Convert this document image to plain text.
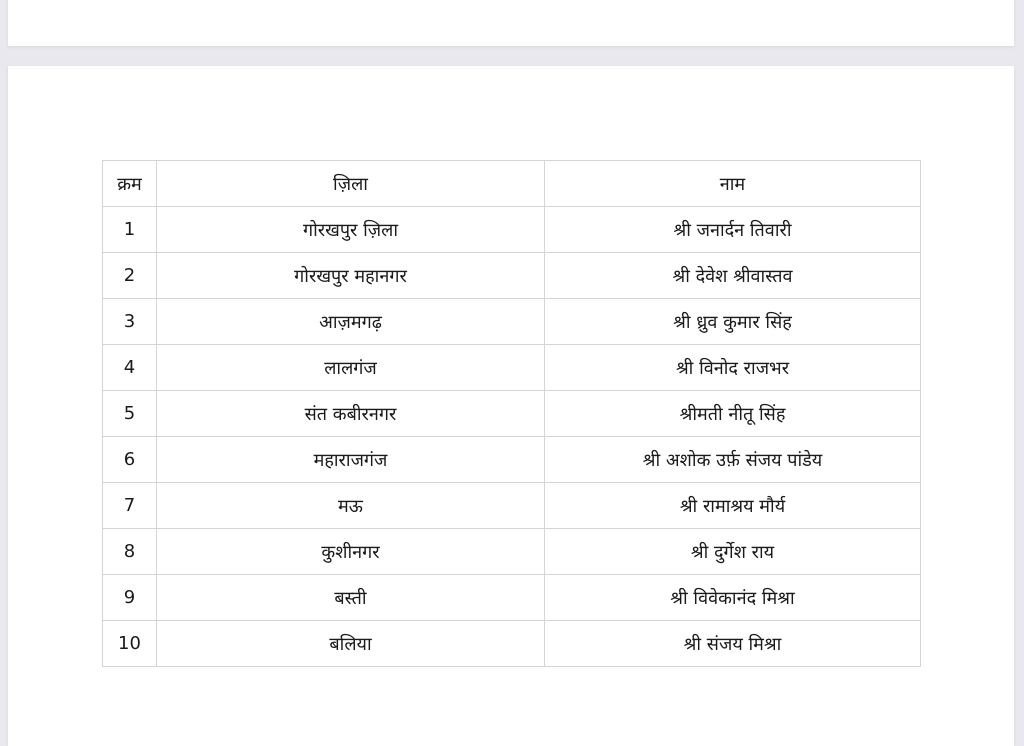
क्रम	ज़िला	नाम
1	गोरखपुर ज़िला	श्री जनार्दन तिवारी
2	गोरखपुर महानगर	श्री देवेश श्रीवास्तव
3	आज़मगढ़	श्री ध्रुव कुमार सिंह
4	लालगंज	श्री विनोद राजभर
5	संत कबीरनगर	श्रीमती नीतू सिंह
6	महाराजगंज	श्री अशोक उर्फ़ संजय पांडेय
7	मऊ	श्री रामाश्रय मौर्य
8	कुशीनगर	श्री दुर्गेश राय
9	बस्ती	श्री विवेकानंद मिश्रा
10	बलिया	श्री संजय मिश्रा
